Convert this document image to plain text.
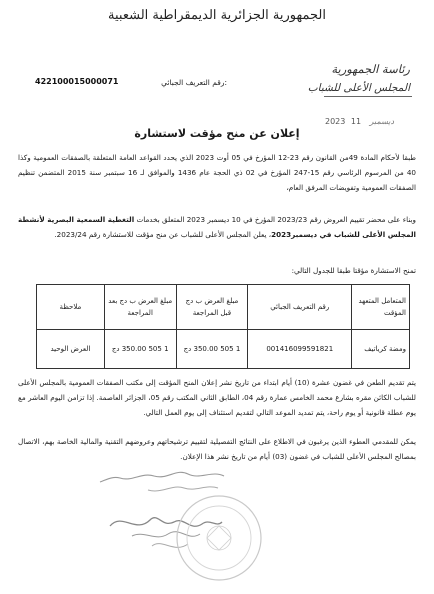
الجمهورية الجزائرية الديمقراطية الشعبية
رئاسة الجمهورية
المجلس الأعلى للشباب
رقم التعريف الجبائي:
422100015000071
2023	ديسمبر 11
إعلان عن منح مؤقت لاستشارة
طبقا لأحكام المادة 49من القانون رقم 23-12 المؤرخ في 05 أوت 2023 الذي يحدد القواعد العامة المتعلقة بالصفقات العمومية وكذا 40 من المرسوم الرئاسي رقم 15-247 المؤرخ في 02 ذي الحجة عام 1436 والموافق لـ 16 سبتمبر سنة 2015 المتضمن تنظيم الصفقات العمومية وتفويضات المرفق العام،
وبناء على محضر تقييم العروض رقم 2023/23 المؤرخ في 10 ديسمبر 2023 المتعلق بخدمات التغطية السمعية البصرية لأنشطة المجلس الأعلى للشباب في ديسمبر2023، يعلن المجلس الأعلى للشباب عن منح مؤقت للاستشارة رقم 2023/24.
تمنح الاستشارة مؤقتا طبقا للجدول التالي:
المتعامل المتعهد المؤقت	رقم التعريف الجبائي	مبلغ العرض ب دج قبل المراجعة	مبلغ العرض ب دج بعد المراجعة	ملاحظة
ومضة كرياتيف	001416099591821	1 505 350.00 دج	1 505 350.00 دج	العرض الوحيد
يتم تقديم الطعن في غضون عشرة (10) أيام ابتداء من تاريخ نشر إعلان المنح المؤقت إلى مكتب الصفقات العمومية بالمجلس الأعلى للشباب الكائن مقره بشارع محمد الخامس عمارة رقم 04، الطابق الثاني المكتب رقم 05، الجزائر العاصمة. إذا تزامن اليوم العاشر مع يوم عطلة قانونية أو يوم راحة، يتم تمديد الموعد التالي لتقديم استئناف إلى يوم العمل التالي.
يمكن للمقدمي العطوء الذين يرغبون في الاطلاع على النتائج التفصيلية لتقييم ترشيحاتهم وعروضهم التقنية والمالية الخاصة بهم، الاتصال بمصالح المجلس الأعلى للشباب في غضون (03) أيام من تاريخ نشر هذا الإعلان.
